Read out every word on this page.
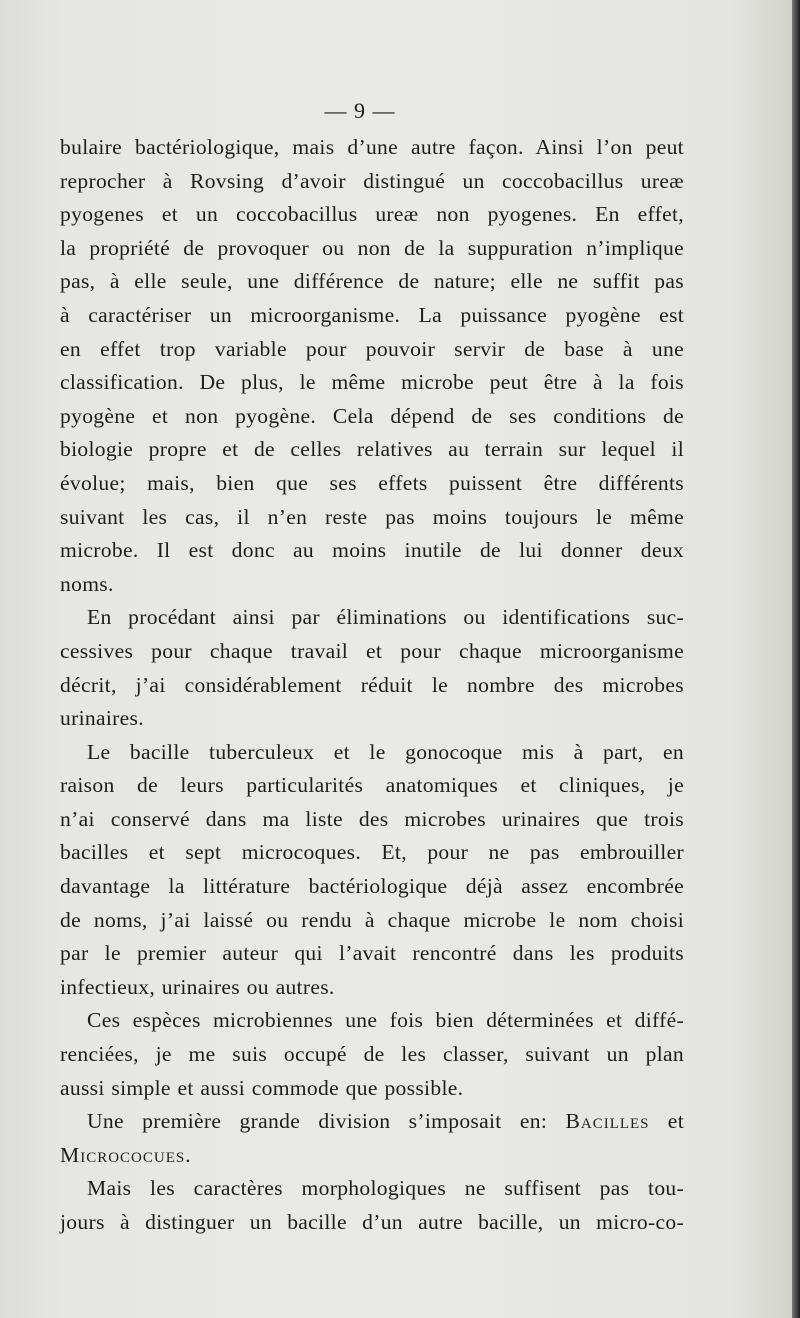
— 9 —
bulaire bactériologique, mais d’une autre façon. Ainsi l’on peut
reprocher à Rovsing d’avoir distingué un coccobacillus ureæ
pyogenes et un coccobacillus ureæ non pyogenes. En effet,
la propriété de provoquer ou non de la suppuration n’implique
pas, à elle seule, une différence de nature; elle ne suffit pas
à caractériser un microorganisme. La puissance pyogène est
en effet trop variable pour pouvoir servir de base à une
classification. De plus, le même microbe peut être à la fois
pyogène et non pyogène. Cela dépend de ses conditions de
biologie propre et de celles relatives au terrain sur lequel il
évolue; mais, bien que ses effets puissent être différents
suivant les cas, il n’en reste pas moins toujours le même
microbe. Il est donc au moins inutile de lui donner deux
noms.
En procédant ainsi par éliminations ou identifications suc-
cessives pour chaque travail et pour chaque microorganisme
décrit, j’ai considérablement réduit le nombre des microbes
urinaires.
Le bacille tuberculeux et le gonocoque mis à part, en
raison de leurs particularités anatomiques et cliniques, je
n’ai conservé dans ma liste des microbes urinaires que trois
bacilles et sept microcoques. Et, pour ne pas embrouiller
davantage la littérature bactériologique déjà assez encombrée
de noms, j’ai laissé ou rendu à chaque microbe le nom choisi
par le premier auteur qui l’avait rencontré dans les produits
infectieux, urinaires ou autres.
Ces espèces microbiennes une fois bien déterminées et diffé-
renciées, je me suis occupé de les classer, suivant un plan
aussi simple et aussi commode que possible.
Une première grande division s’imposait en: Bacilles et
Micrococues.
Mais les caractères morphologiques ne suffisent pas tou-
jours à distinguer un bacille d’un autre bacille, un micro-co-
